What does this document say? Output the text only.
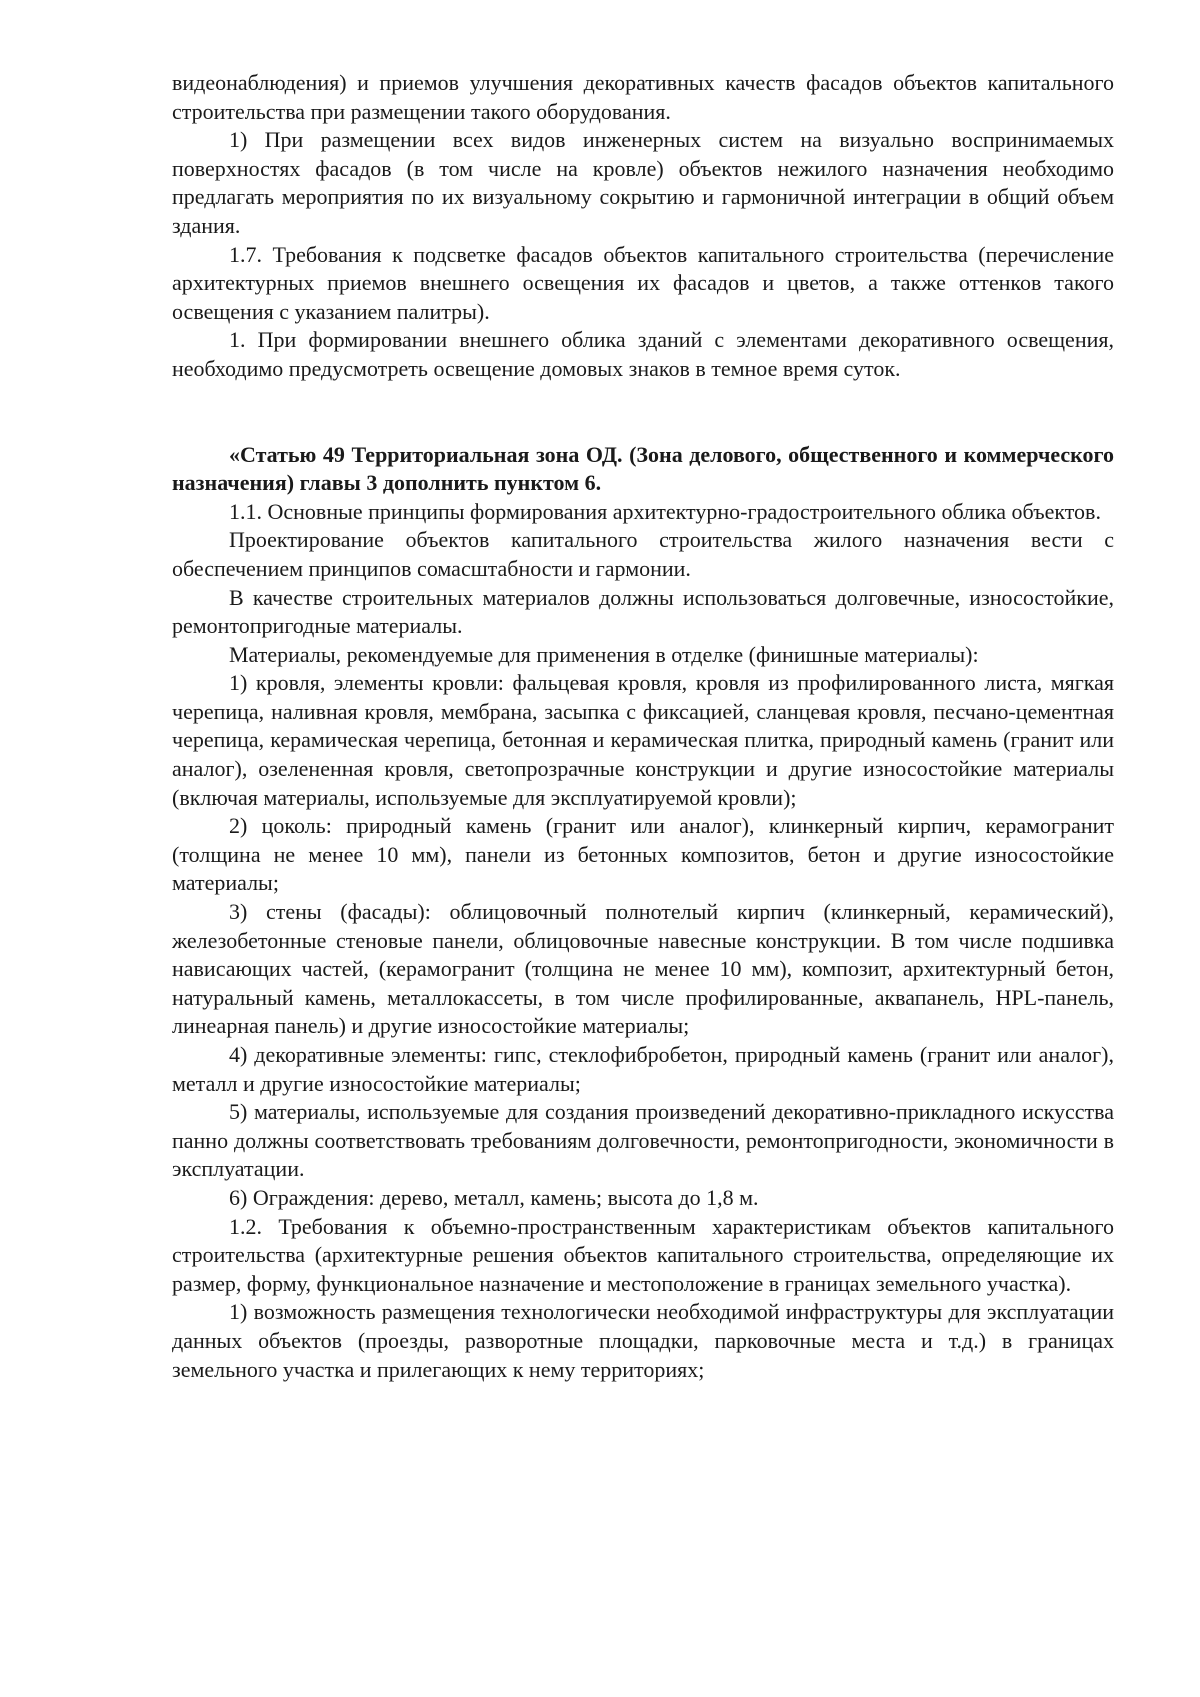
видеонаблюдения) и приемов улучшения декоративных качеств фасадов объектов капитального строительства при размещении такого оборудования.

1) При размещении всех видов инженерных систем на визуально воспринимаемых поверхностях фасадов (в том числе на кровле) объектов нежилого назначения необходимо предлагать мероприятия по их визуальному сокрытию и гармоничной интеграции в общий объем здания.

1.7. Требования к подсветке фасадов объектов капитального строительства (перечисление архитектурных приемов внешнего освещения их фасадов и цветов, а также оттенков такого освещения с указанием палитры).

1. При формировании внешнего облика зданий с элементами декоративного освещения, необходимо предусмотреть освещение домовых знаков в темное время суток.

«Статью 49 Территориальная зона ОД. (Зона делового, общественного и коммерческого назначения) главы 3 дополнить пунктом 6.

1.1. Основные принципы формирования архитектурно-градостроительного облика объектов.

Проектирование объектов капитального строительства жилого назначения вести с обеспечением принципов сомасштабности и гармонии.

В качестве строительных материалов должны использоваться долговечные, износостойкие, ремонтопригодные материалы.

Материалы, рекомендуемые для применения в отделке (финишные материалы):

1) кровля, элементы кровли: фальцевая кровля, кровля из профилированного листа, мягкая черепица, наливная кровля, мембрана, засыпка с фиксацией, сланцевая кровля, песчано-цементная черепица, керамическая черепица, бетонная и керамическая плитка, природный камень (гранит или аналог), озелененная кровля, светопрозрачные конструкции и другие износостойкие материалы (включая материалы, используемые для эксплуатируемой кровли);

2) цоколь: природный камень (гранит или аналог), клинкерный кирпич, керамогранит (толщина не менее 10 мм), панели из бетонных композитов, бетон и другие износостойкие материалы;

3) стены (фасады): облицовочный полнотелый кирпич (клинкерный, керамический), железобетонные стеновые панели, облицовочные навесные конструкции. В том числе подшивка нависающих частей, (керамогранит (толщина не менее 10 мм), композит, архитектурный бетон, натуральный камень, металлокассеты, в том числе профилированные, аквапанель, HPL-панель, линеарная панель) и другие износостойкие материалы;

4) декоративные элементы: гипс, стеклофибробетон, природный камень (гранит или аналог), металл и другие износостойкие материалы;

5) материалы, используемые для создания произведений декоративно-прикладного искусства панно должны соответствовать требованиям долговечности, ремонтопригодности, экономичности в эксплуатации.

6) Ограждения: дерево, металл, камень; высота до 1,8 м.

1.2. Требования к объемно-пространственным характеристикам объектов капитального строительства (архитектурные решения объектов капитального строительства, определяющие их размер, форму, функциональное назначение и местоположение в границах земельного участка).

1) возможность размещения технологически необходимой инфраструктуры для эксплуатации данных объектов (проезды, разворотные площадки, парковочные места и т.д.) в границах земельного участка и прилегающих к нему территориях;
